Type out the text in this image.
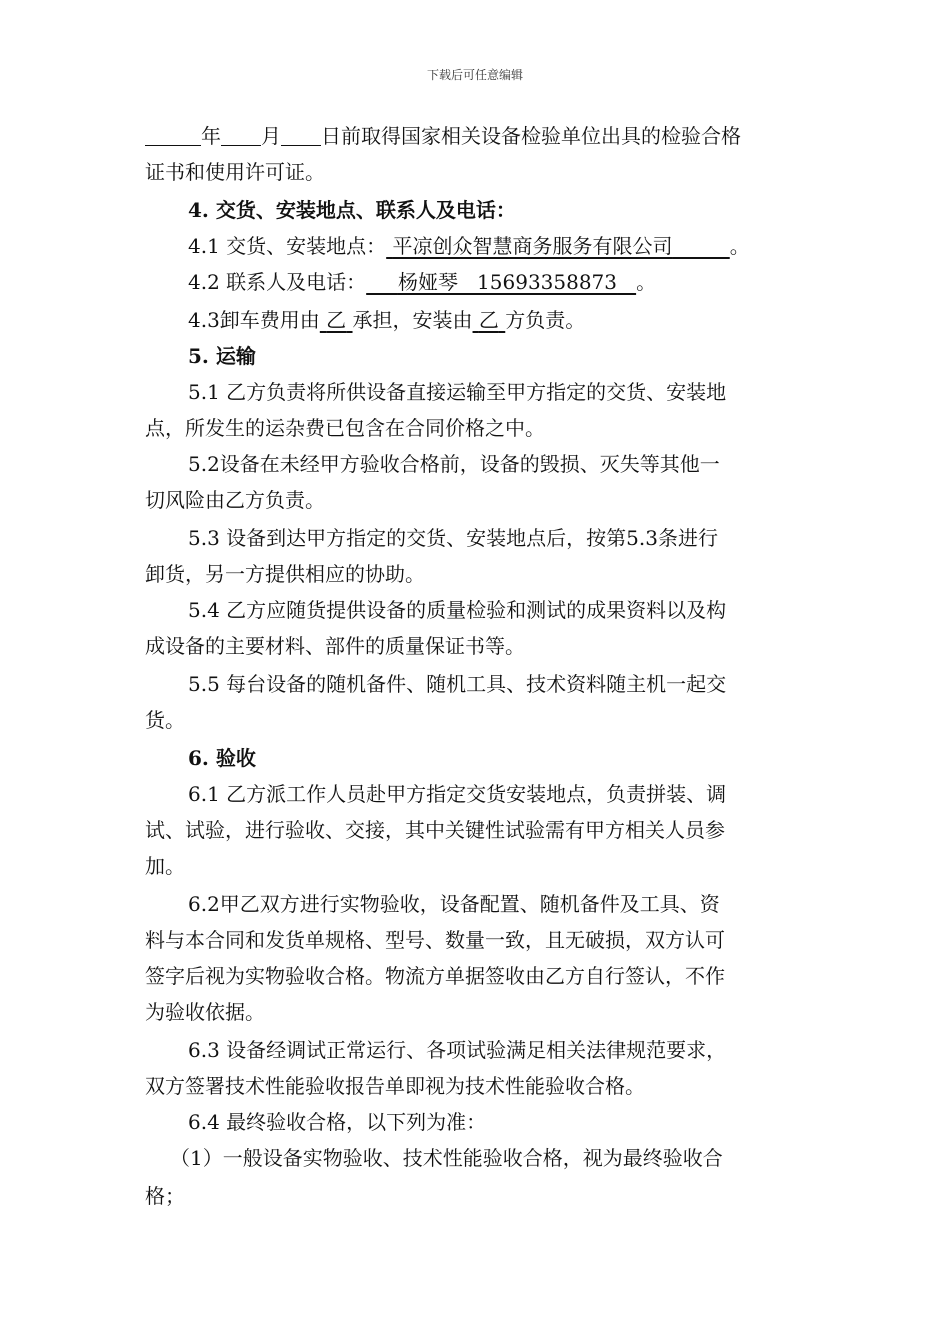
下载后可任意编辑
年 月 日前取得国家相关设备检验单位出具的检验合格
证书和使用许可证。
4. 交货、安装地点、联系人及电话：
4.1 交货、安装地点： 平凉创众智慧商务服务有限公司	。
4.2 联系人及电话： 杨娅琴   15693358873 。
4.3卸车费用由 乙 承担，安装由 乙 方负责。
5. 运输
5.1 乙方负责将所供设备直接运输至甲方指定的交货、安装地
点，所发生的运杂费已包含在合同价格之中。
5.2设备在未经甲方验收合格前，设备的毁损、灭失等其他一
切风险由乙方负责。
5.3 设备到达甲方指定的交货、安装地点后，按第5.3条进行
卸货，另一方提供相应的协助。
5.4 乙方应随货提供设备的质量检验和测试的成果资料以及构
成设备的主要材料、部件的质量保证书等。
5.5 每台设备的随机备件、随机工具、技术资料随主机一起交
货。
6. 验收
6.1 乙方派工作人员赴甲方指定交货安装地点，负责拼装、调
试、试验，进行验收、交接，其中关键性试验需有甲方相关人员参
加。
6.2甲乙双方进行实物验收，设备配置、随机备件及工具、资
料与本合同和发货单规格、型号、数量一致，且无破损，双方认可
签字后视为实物验收合格。物流方单据签收由乙方自行签认，不作
为验收依据。
6.3 设备经调试正常运行、各项试验满足相关法律规范要求，
双方签署技术性能验收报告单即视为技术性能验收合格。
6.4 最终验收合格，以下列为准：
（1）一般设备实物验收、技术性能验收合格，视为最终验收合
格；
